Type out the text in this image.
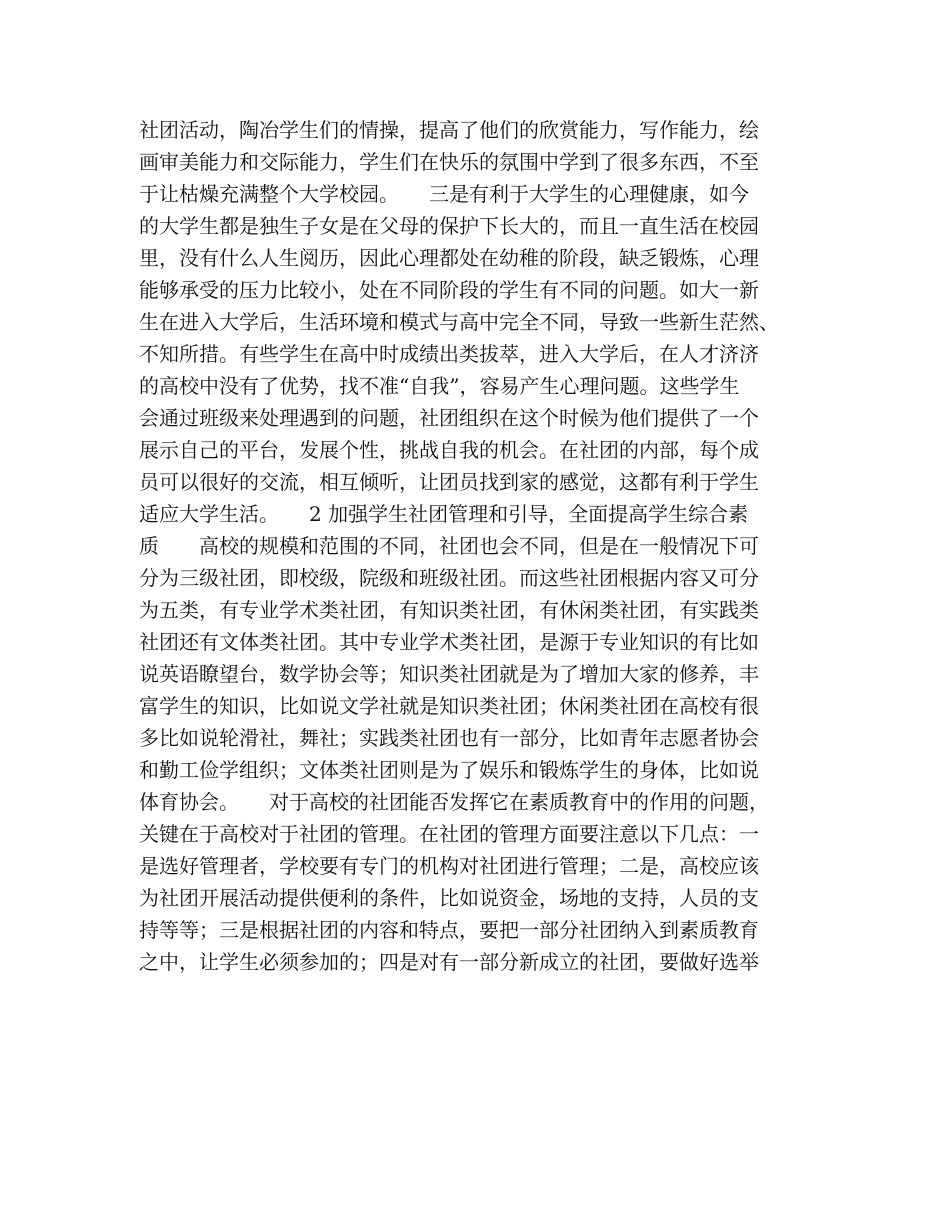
社团活动，陶冶学生们的情操，提高了他们的欣赏能力，写作能力，绘
画审美能力和交际能力，学生们在快乐的氛围中学到了很多东西，不至
于让枯燥充满整个大学校园。　　三是有利于大学生的心理健康，如今
的大学生都是独生子女是在父母的保护下长大的，而且一直生活在校园
里，没有什么人生阅历，因此心理都处在幼稚的阶段，缺乏锻炼，心理
能够承受的压力比较小，处在不同阶段的学生有不同的问题。如大一新
生在进入大学后，生活环境和模式与高中完全不同，导致一些新生茫然、
不知所措。有些学生在高中时成绩出类拔萃，进入大学后，在人才济济
的高校中没有了优势，找不准“自我”，容易产生心理问题。这些学生
会通过班级来处理遇到的问题，社团组织在这个时候为他们提供了一个
展示自己的平台，发展个性，挑战自我的机会。在社团的内部，每个成
员可以很好的交流，相互倾听，让团员找到家的感觉，这都有利于学生
适应大学生活。　　2 加强学生社团管理和引导，全面提高学生综合素
质　　高校的规模和范围的不同，社团也会不同，但是在一般情况下可
分为三级社团，即校级，院级和班级社团。而这些社团根据内容又可分
为五类，有专业学术类社团，有知识类社团，有休闲类社团，有实践类
社团还有文体类社团。其中专业学术类社团，是源于专业知识的有比如
说英语瞭望台，数学协会等；知识类社团就是为了增加大家的修养，丰
富学生的知识，比如说文学社就是知识类社团；休闲类社团在高校有很
多比如说轮滑社，舞社；实践类社团也有一部分，比如青年志愿者协会
和勤工俭学组织；文体类社团则是为了娱乐和锻炼学生的身体，比如说
体育协会。　　对于高校的社团能否发挥它在素质教育中的作用的问题，
关键在于高校对于社团的管理。在社团的管理方面要注意以下几点：一
是选好管理者，学校要有专门的机构对社团进行管理；二是，高校应该
为社团开展活动提供便利的条件，比如说资金，场地的支持，人员的支
持等等；三是根据社团的内容和特点，要把一部分社团纳入到素质教育
之中，让学生必须参加的；四是对有一部分新成立的社团，要做好选举
